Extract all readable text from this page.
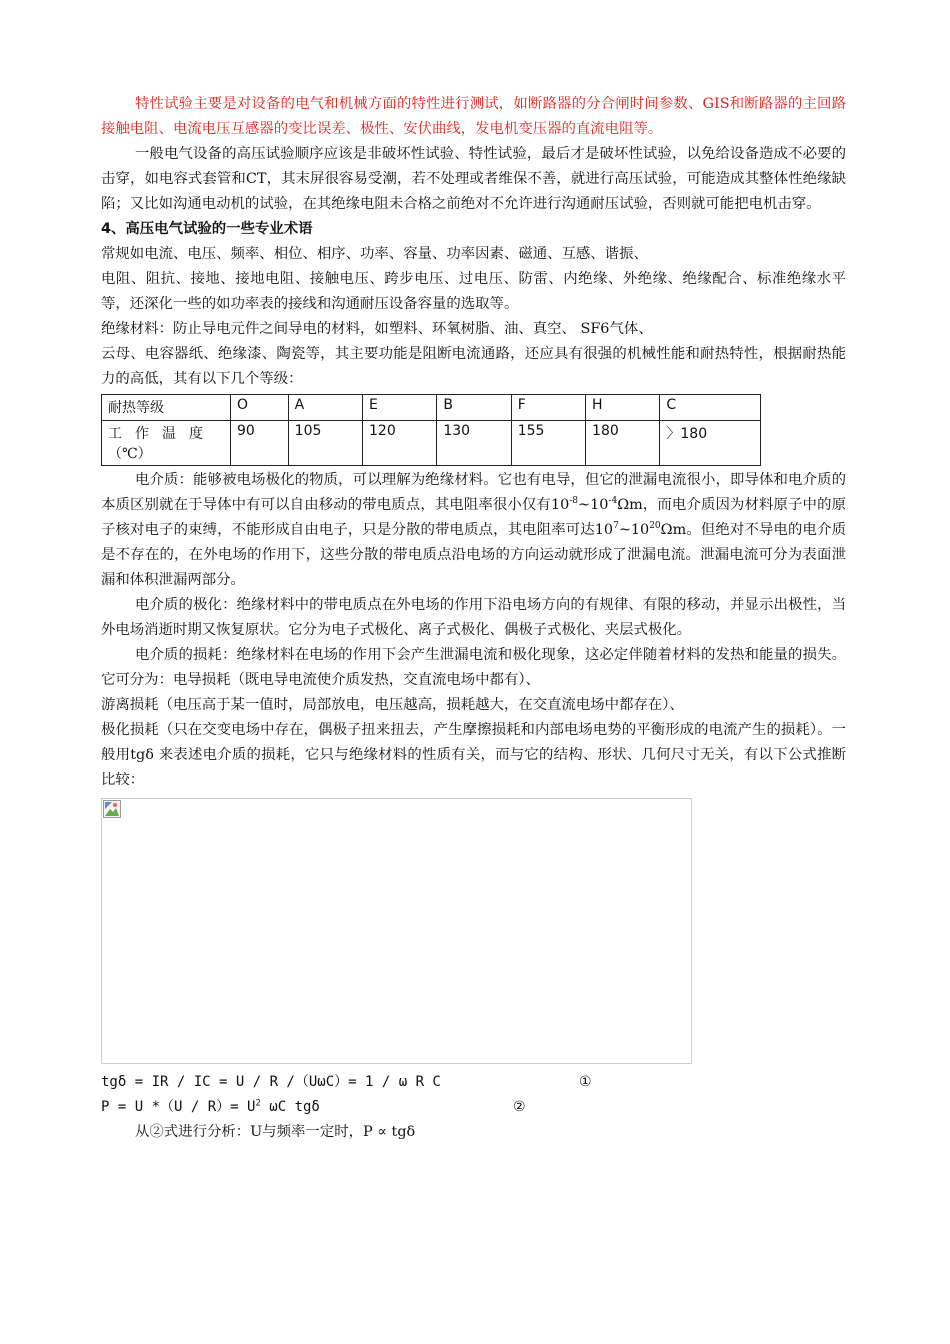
特性试验主要是对设备的电气和机械方面的特性进行测试，如断路器的分合闸时间参数、GIS和断路器的主回路接触电阻、电流电压互感器的变比误差、极性、安伏曲线，发电机变压器的直流电阻等。

一般电气设备的高压试验顺序应该是非破坏性试验、特性试验，最后才是破坏性试验，以免给设备造成不必要的击穿，如电容式套管和CT，其末屏很容易受潮，若不处理或者维保不善，就进行高压试验，可能造成其整体性绝缘缺陷；又比如沟通电动机的试验，在其绝缘电阻未合格之前绝对不允许进行沟通耐压试验，否则就可能把电机击穿。

4、高压电气试验的一些专业术语

常规如电流、电压、频率、相位、相序、功率、容量、功率因素、磁通、互感、谐振、

电阻、阻抗、接地、接地电阻、接触电压、跨步电压、过电压、防雷、内绝缘、外绝缘、绝缘配合、标准绝缘水平等，还深化一些的如功率表的接线和沟通耐压设备容量的选取等。

绝缘材料：防止导电元件之间导电的材料，如塑料、环氧树脂、油、真空、 SF6气体、

云母、电容器纸、绝缘漆、陶瓷等，其主要功能是阻断电流通路，还应具有很强的机械性能和耐热特性，根据耐热能力的高低，其有以下几个等级：

耐热等级	O	A	E	B	F	H	C

工作温度
（℃）	90	105	120	130	155	180	〉180

电介质：能够被电场极化的物质，可以理解为绝缘材料。它也有电导，但它的泄漏电流很小，即导体和电介质的本质区别就在于导体中有可以自由移动的带电质点，其电阻率很小仅有$10^{-8}\sim 10^{-4}\Omega m$，而电介质因为材料原子中的原子核对电子的束缚，不能形成自由电子，只是分散的带电质点，其电阻率可达$10^7\sim 10^{20}\Omega m$。但绝对不导电的电介质是不存在的，在外电场的作用下，这些分散的带电质点沿电场的方向运动就形成了泄漏电流。泄漏电流可分为表面泄漏和体积泄漏两部分。

电介质的极化：绝缘材料中的带电质点在外电场的作用下沿电场方向的有规律、有限的移动，并显示出极性，当外电场消逝时期又恢复原状。它分为电子式极化、离子式极化、偶极子式极化、夹层式极化。

电介质的损耗：绝缘材料在电场的作用下会产生泄漏电流和极化现象，这必定伴随着材料的发热和能量的损失。它可分为：电导损耗（既电导电流使介质发热，交直流电场中都有）、

游离损耗（电压高于某一值时，局部放电，电压越高，损耗越大，在交直流电场中都存在）、

极化损耗（只在交变电场中存在，偶极子扭来扭去，产生摩擦损耗和内部电场电势的平衡形成的电流产生的损耗）。一般用tgδ 来表述电介质的损耗，它只与绝缘材料的性质有关，而与它的结构、形状、几何尺寸无关，有以下公式推断比较：

tgδ = IR / IC = U / R /（UωC）= 1 / ω R C	①
P = U $*(U / R)= U^2$ ωC tgδ	②

从②式进行分析：U与频率一定时，P ∝ tgδ
